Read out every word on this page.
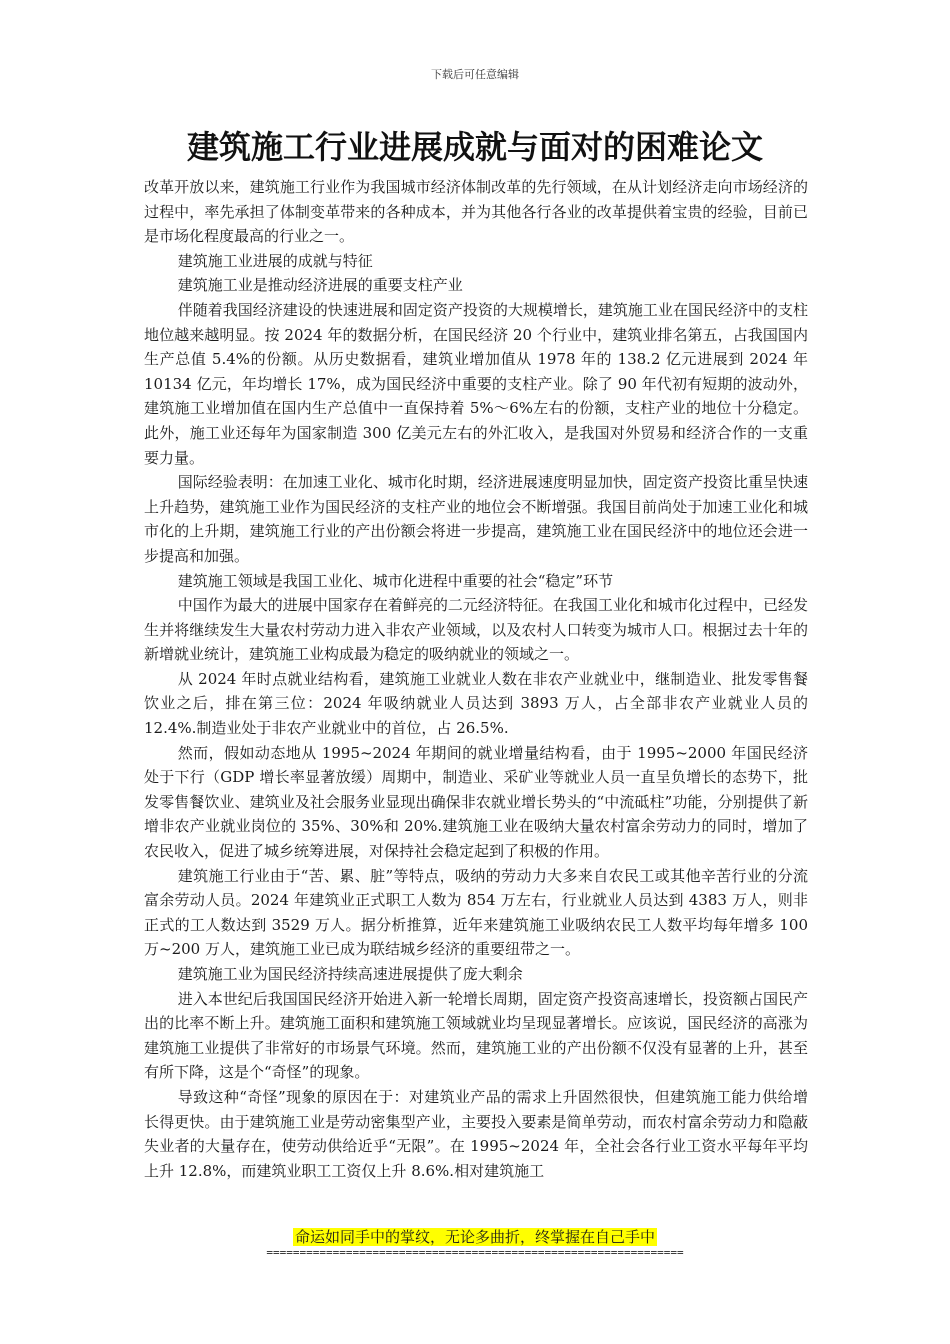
下载后可任意编辑
建筑施工行业进展成就与面对的困难论文

改革开放以来，建筑施工行业作为我国城市经济体制改革的先行领域，在从计划经济走向市场经济的过程中，率先承担了体制变革带来的各种成本，并为其他各行各业的改革提供着宝贵的经验，目前已是市场化程度最高的行业之一。

建筑施工业进展的成就与特征

建筑施工业是推动经济进展的重要支柱产业

伴随着我国经济建设的快速进展和固定资产投资的大规模增长，建筑施工业在国民经济中的支柱地位越来越明显。按 2024 年的数据分析，在国民经济 20 个行业中，建筑业排名第五，占我国国内生产总值 5.4%的份额。从历史数据看，建筑业增加值从 1978 年的 138.2 亿元进展到 2024 年 10134 亿元，年均增长 17%，成为国民经济中重要的支柱产业。除了 90 年代初有短期的波动外，建筑施工业增加值在国内生产总值中一直保持着 5%～6%左右的份额，支柱产业的地位十分稳定。此外，施工业还每年为国家制造 300 亿美元左右的外汇收入，是我国对外贸易和经济合作的一支重要力量。

国际经验表明：在加速工业化、城市化时期，经济进展速度明显加快，固定资产投资比重呈快速上升趋势，建筑施工业作为国民经济的支柱产业的地位会不断增强。我国目前尚处于加速工业化和城市化的上升期，建筑施工行业的产出份额会将进一步提高，建筑施工业在国民经济中的地位还会进一步提高和加强。

建筑施工领域是我国工业化、城市化进程中重要的社会“稳定”环节

中国作为最大的进展中国家存在着鲜亮的二元经济特征。在我国工业化和城市化过程中，已经发生并将继续发生大量农村劳动力进入非农产业领域，以及农村人口转变为城市人口。根据过去十年的新增就业统计，建筑施工业构成最为稳定的吸纳就业的领域之一。

从 2024 年时点就业结构看，建筑施工业就业人数在非农产业就业中，继制造业、批发零售餐饮业之后，排在第三位：2024 年吸纳就业人员达到 3893 万人，占全部非农产业就业人员的 12.4%.制造业处于非农产业就业中的首位，占 26.5%.

然而，假如动态地从 1995~2024 年期间的就业增量结构看，由于 1995~2000 年国民经济处于下行（GDP 增长率显著放缓）周期中，制造业、采矿业等就业人员一直呈负增长的态势下，批发零售餐饮业、建筑业及社会服务业显现出确保非农就业增长势头的“中流砥柱”功能，分别提供了新增非农产业就业岗位的 35%、30%和 20%.建筑施工业在吸纳大量农村富余劳动力的同时，增加了农民收入，促进了城乡统筹进展，对保持社会稳定起到了积极的作用。

建筑施工行业由于“苦、累、脏”等特点，吸纳的劳动力大多来自农民工或其他辛苦行业的分流富余劳动人员。2024 年建筑业正式职工人数为 854 万左右，行业就业人员达到 4383 万人，则非正式的工人数达到 3529 万人。据分析推算，近年来建筑施工业吸纳农民工人数平均每年增多 100 万~200 万人，建筑施工业已成为联结城乡经济的重要纽带之一。

建筑施工业为国民经济持续高速进展提供了庞大剩余

进入本世纪后我国国民经济开始进入新一轮增长周期，固定资产投资高速增长，投资额占国民产出的比率不断上升。建筑施工面积和建筑施工领域就业均呈现显著增长。应该说，国民经济的高涨为建筑施工业提供了非常好的市场景气环境。然而，建筑施工业的产出份额不仅没有显著的上升，甚至有所下降，这是个“奇怪”的现象。

导致这种“奇怪”现象的原因在于：对建筑业产品的需求上升固然很快，但建筑施工能力供给增长得更快。由于建筑施工业是劳动密集型产业，主要投入要素是简单劳动，而农村富余劳动力和隐蔽失业者的大量存在，使劳动供给近乎“无限”。在 1995~2024 年，全社会各行业工资水平每年平均上升 12.8%，而建筑业职工工资仅上升 8.6%.相对建筑施工

命运如同手中的掌纹，无论多曲折，终掌握在自己手中
===============================================================
